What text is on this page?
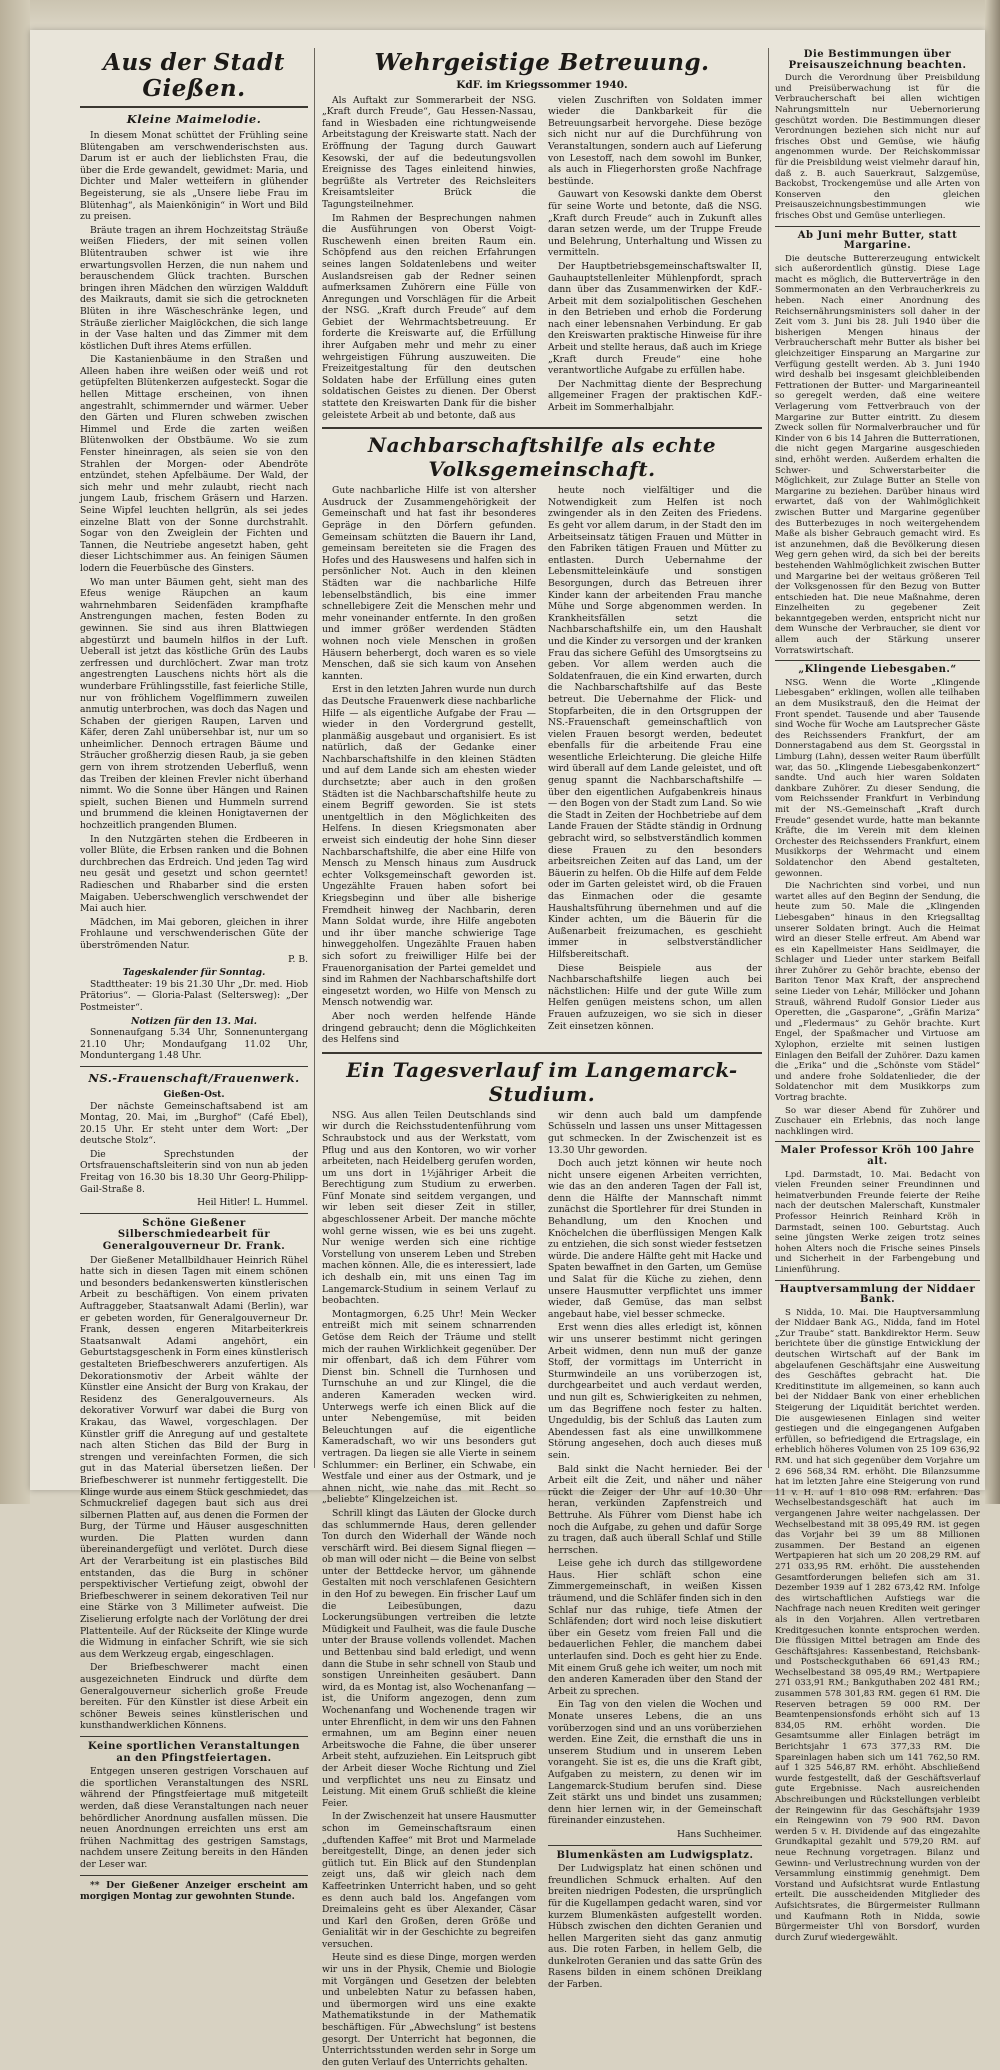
Aus der Stadt Gießen.
Kleine Maimelodie.

In diesem Monat schüttet der Frühling seine Blütengaben am verschwenderischsten aus. Darum ist er auch der lieblichsten Frau, die über die Erde gewandelt, gewidmet: Maria, und Dichter und Maler wetteifern in glühender Begeisterung, sie als „Unsere liebe Frau im Blütenhag“, als Maienkönigin“ in Wort und Bild zu preisen.

Bräute tragen an ihrem Hochzeitstag Sträuße weißen Flieders, der mit seinen vollen Blütentrauben schwer ist wie ihre erwartungsvollen Herzen, die nun nahem und berauschendem Glück trachten. Burschen bringen ihren Mädchen den würzigen Waldduft des Maikrauts, damit sie sich die getrockneten Blüten in ihre Wäscheschränke legen, und Sträuße zierlicher Maiglöckchen, die sich lange in der Vase halten und das Zimmer mit dem köstlichen Duft ihres Atems erfüllen.

Die Kastanienbäume in den Straßen und Alleen haben ihre weißen oder weiß und rot getüpfelten Blütenkerzen aufgesteckt. Sogar die hellen Mittage erscheinen, von ihnen angestrahlt, schimmernder und wärmer. Ueber den Gärten und Fluren schweben zwischen Himmel und Erde die zarten weißen Blütenwolken der Obstbäume. Wo sie zum Fenster hineinragen, als seien sie von den Strahlen der Morgen- oder Abendröte entzündet, stehen Apfelbäume. Der Wald, der sich mehr und mehr zulaubt, riecht nach jungem Laub, frischem Gräsern und Harzen. Seine Wipfel leuchten hellgrün, als sei jedes einzelne Blatt von der Sonne durchstrahlt. Sogar von den Zweiglein der Fichten und Tannen, die Neutriebe angesetzt haben, geht dieser Lichtschimmer aus. An feinigen Säumen lodern die Feuerbüsche des Ginsters.

Wo man unter Bäumen geht, sieht man des Efeus wenige Räupchen an kaum wahrnehmbaren Seidenfäden krampfhafte Anstrengungen machen, festen Boden zu gewinnen. Sie sind aus ihren Blattwiegen abgestürzt und baumeln hilflos in der Luft. Ueberall ist jetzt das köstliche Grün des Laubs zerfressen und durchlöchert. Zwar man trotz angestrengten Lauschens nichts hört als die wunderbare Frühlingsstille, fast feierliche Stille, nur von fröhlichem Vogelflimmern zuweilen anmutig unterbrochen, was doch das Nagen und Schaben der gierigen Raupen, Larven und Käfer, deren Zahl unübersehbar ist, nur um so unheimlicher. Dennoch ertragen Bäume und Sträucher großherzig diesen Raub, ja sie geben gern von ihrem strotzenden Ueberfluß, wenn das Treiben der kleinen Frevler nicht überhand nimmt. Wo die Sonne über Hängen und Rainen spielt, suchen Bienen und Hummeln surrend und brummend die kleinen Honigtavernen der hochzeitlich prangenden Blumen.

In den Nutzgärten stehen die Erdbeeren in voller Blüte, die Erbsen ranken und die Bohnen durchbrechen das Erdreich. Und jeden Tag wird neu gesät und gesetzt und schon geerntet! Radieschen und Rhabarber sind die ersten Maigaben. Ueberschwenglich verschwendet der Mai auch hier.

Mädchen, im Mai geboren, gleichen in ihrer Frohlaune und verschwenderischen Güte der überströmenden Natur.

P. B.

Tageskalender für Sonntag.

Stadttheater: 19 bis 21.30 Uhr „Dr. med. Hiob Prätorius“. — Gloria-Palast (Seltersweg): „Der Postmeister“.

Notizen für den 13. Mai.

Sonnenaufgang 5.34 Uhr, Sonnenuntergang 21.10 Uhr; Mondaufgang 11.02 Uhr, Monduntergang 1.48 Uhr.

NS.-Frauenschaft/Frauenwerk.
Gießen-Ost.

Der nächste Gemeinschaftsabend ist am Montag, 20. Mai, im „Burghof“ (Café Ebel), 20.15 Uhr. Er steht unter dem Wort: „Der deutsche Stolz“.

Die Sprechstunden der Ortsfrauenschaftsleiterin sind von nun ab jeden Freitag von 16.30 bis 18.30 Uhr Georg-Philipp-Gail-Straße 8.

Heil Hitler! L. Hummel.

Schöne Gießener Silberschmiedearbeit für Generalgouverneur Dr. Frank.

Der Gießener Metallbildhauer Heinrich Rühel hatte sich in diesen Tagen mit einem schönen und besonders bedankenswerten künstlerischen Arbeit zu beschäftigen. Von einem privaten Auftraggeber, Staatsanwalt Adami (Berlin), war er gebeten worden, für Generalgouverneur Dr. Frank, dessen engeren Mitarbeiterkreis Staatsanwalt Adami angehört, ein Geburtstagsgeschenk in Form eines künstlerisch gestalteten Briefbeschwerers anzufertigen. Als Dekorationsmotiv der Arbeit wählte der Künstler eine Ansicht der Burg von Krakau, der Residenz des Generalgouverneurs. Als dekorativer Vorwurf war dabei die Burg von Krakau, das Wawel, vorgeschlagen. Der Künstler griff die Anregung auf und gestaltete nach alten Stichen das Bild der Burg in strengen und vereinfachten Formen, die sich gut in das Material übersetzen ließen. Der Briefbeschwerer ist nunmehr fertiggestellt. Die Klinge wurde aus einem Stück geschmiedet, das Schmuckrelief dagegen baut sich aus drei silbernen Platten auf, aus denen die Formen der Burg, der Türme und Häuser ausgeschnitten wurden. Die Platten wurden dann übereinandergefügt und verlötet. Durch diese Art der Verarbeitung ist ein plastisches Bild entstanden, das die Burg in schöner perspektivischer Vertiefung zeigt, obwohl der Briefbeschwerer in seinem dekorativen Teil nur eine Stärke von 3 Millimeter aufweist. Die Ziselierung erfolgte nach der Vorlötung der drei Plattenteile. Auf der Rückseite der Klinge wurde die Widmung in einfacher Schrift, wie sie sich aus dem Werkzeug ergab, eingeschlagen.

Der Briefbeschwerer macht einen ausgezeichneten Eindruck und dürfte dem Generalgouverneur sicherlich große Freude bereiten. Für den Künstler ist diese Arbeit ein schöner Beweis seines künstlerischen und kunsthandwerklichen Könnens.

Keine sportlichen Veranstaltungen an den Pfingstfeiertagen.

Entgegen unseren gestrigen Vorschauen auf die sportlichen Veranstaltungen des NSRL während der Pfingstfeiertage muß mitgeteilt werden, daß diese Veranstaltungen nach neuer behördlicher Anordnung ausfallen müssen. Die neuen Anordnungen erreichten uns erst am frühen Nachmittag des gestrigen Samstags, nachdem unsere Zeitung bereits in den Händen der Leser war.

** Der Gießener Anzeiger erscheint am morgigen Montag zur gewohnten Stunde.

Wehrgeistige Betreuung.
KdF. im Kriegssommer 1940.

Als Auftakt zur Sommerarbeit der NSG. „Kraft durch Freude“, Gau Hessen-Nassau, fand in Wiesbaden eine richtungweisende Arbeitstagung der Kreiswarte statt. Nach der Eröffnung der Tagung durch Gauwart Kesowski, der auf die bedeutungsvollen Ereignisse des Tages einleitend hinwies, begrüßte als Vertreter des Reichsleiters Kreisamtsleiter Brück die Tagungsteilnehmer.

Im Rahmen der Besprechungen nahmen die Ausführungen von Oberst Voigt-Ruschewenh einen breiten Raum ein. Schöpfend aus den reichen Erfahrungen seines langen Soldatenlebens und weiter Auslandsreisen gab der Redner seinen aufmerksamen Zuhörern eine Fülle von Anregungen und Vorschlägen für die Arbeit der NSG. „Kraft durch Freude“ auf dem Gebiet der Wehrmachtsbetreuung. Er forderte die Kreiswarte auf, die Erfüllung ihrer Aufgaben mehr und mehr zu einer wehrgeistigen Führung auszuweiten. Die Freizeitgestaltung für den deutschen Soldaten habe der Erfüllung eines guten soldatischen Geistes zu dienen. Der Oberst stattete den Kreiswarten Dank für die bisher geleistete Arbeit ab und betonte, daß aus

vielen Zuschriften von Soldaten immer wieder die Dankbarkeit für die Betreuungsarbeit hervorgehe. Diese bezöge sich nicht nur auf die Durchführung von Veranstaltungen, sondern auch auf Lieferung von Lesestoff, nach dem sowohl im Bunker, als auch in Fliegerhorsten große Nachfrage bestünde.

Gauwart von Kesowski dankte dem Oberst für seine Worte und betonte, daß die NSG. „Kraft durch Freude“ auch in Zukunft alles daran setzen werde, um der Truppe Freude und Belehrung, Unterhaltung und Wissen zu vermitteln.

Der Hauptbetriebsgemeinschaftswalter II, Gauhauptstellenleiter Mühlenpfordt, sprach dann über das Zusammenwirken der KdF.-Arbeit mit dem sozialpolitischen Geschehen in den Betrieben und erhob die Forderung nach einer lebensnahen Verbindung. Er gab den Kreiswarten praktische Hinweise für ihre Arbeit und stellte heraus, daß auch im Kriege „Kraft durch Freude“ eine hohe verantwortliche Aufgabe zu erfüllen habe.

Der Nachmittag diente der Besprechung allgemeiner Fragen der praktischen KdF.-Arbeit im Sommerhalbjahr.

Nachbarschaftshilfe als echte Volksgemeinschaft.

Gute nachbarliche Hilfe ist von altersher Ausdruck der Zusammengehörigkeit der Gemeinschaft und hat fast ihr besonderes Gepräge in den Dörfern gefunden. Gemeinsam schützten die Bauern ihr Land, gemeinsam bereiteten sie die Fragen des Hofes und des Hauswesens und halfen sich in persönlicher Not. Auch in den kleinen Städten war die nachbarliche Hilfe lebenselbständlich, bis eine immer schnellebigere Zeit die Menschen mehr und mehr voneinander entfernte. In den großen und immer größer werdenden Städten wohnen noch viele Menschen in großen Häusern beherbergt, doch waren es so viele Menschen, daß sie sich kaum von Ansehen kannten.

Erst in den letzten Jahren wurde nun durch das Deutsche Frauenwerk diese nachbarliche Hilfe — als eigentliche Aufgabe der Frau — wieder in den Vordergrund gestellt, planmäßig ausgebaut und organisiert. Es ist natürlich, daß der Gedanke einer Nachbarschaftshilfe in den kleinen Städten und auf dem Lande sich am ehesten wieder durchsetzte; aber auch in den großen Städten ist die Nachbarschaftshilfe heute zu einem Begriff geworden. Sie ist stets unentgeltlich in den Möglichkeiten des Helfens. In diesen Kriegsmonaten aber erweist sich eindeutig der hohe Sinn dieser Nachbarschaftshilfe, die aber eine Hilfe von Mensch zu Mensch hinaus zum Ausdruck echter Volksgemeinschaft geworden ist. Ungezählte Frauen haben sofort bei Kriegsbeginn und über alle bisherige Fremdheit hinweg der Nachbarin, deren Mann Soldat wurde, ihre Hilfe angeboten und ihr über manche schwierige Tage hinweggeholfen. Ungezählte Frauen haben sich sofort zu freiwilliger Hilfe bei der Frauenorganisation der Partei gemeldet und sind im Rahmen der Nachbarschaftshilfe dort eingesetzt worden, wo Hilfe von Mensch zu Mensch notwendig war.

Aber noch werden helfende Hände dringend gebraucht; denn die Möglichkeiten des Helfens sind

heute noch vielfältiger und die Notwendigkeit zum Helfen ist noch zwingender als in den Zeiten des Friedens. Es geht vor allem darum, in der Stadt den im Arbeitseinsatz tätigen Frauen und Mütter in den Fabriken tätigen Frauen und Mütter zu entlasten. Durch Uebernahme der Lebensmitteleinkäufe und sonstigen Besorgungen, durch das Betreuen ihrer Kinder kann der arbeitenden Frau manche Mühe und Sorge abgenommen werden. In Krankheitsfällen setzt die Nachbarschaftshilfe ein, um den Haushalt und die Kinder zu versorgen und der kranken Frau das sichere Gefühl des Umsorgtseins zu geben. Vor allem werden auch die Soldatenfrauen, die ein Kind erwarten, durch die Nachbarschaftshilfe auf das Beste betreut. Die Uebernahme der Flick- und Stopfarbeiten, die in den Ortsgruppen der NS.-Frauenschaft gemeinschaftlich von vielen Frauen besorgt werden, bedeutet ebenfalls für die arbeitende Frau eine wesentliche Erleichterung. Die gleiche Hilfe wird überall auf dem Lande geleistet, und oft genug spannt die Nachbarschaftshilfe — über den eigentlichen Aufgabenkreis hinaus — den Bogen von der Stadt zum Land. So wie die Stadt in Zeiten der Hochbetriebe auf dem Lande Frauen der Städte ständig in Ordnung gebracht wird, so selbstverständlich kommen diese Frauen zu den besonders arbeitsreichen Zeiten auf das Land, um der Bäuerin zu helfen. Ob die Hilfe auf dem Felde oder im Garten geleistet wird, ob die Frauen das Einmachen oder die gesamte Haushaltsführung übernehmen und auf die Kinder achten, um die Bäuerin für die Außenarbeit freizumachen, es geschieht immer in selbstverständlicher Hilfsbereitschaft.

Diese Beispiele aus der Nachbarschaftshilfe liegen auch bei nächstlichen: Hilfe und der gute Wille zum Helfen genügen meistens schon, um allen Frauen aufzuzeigen, wo sie sich in dieser Zeit einsetzen können.

Ein Tagesverlauf im Langemarck-Studium.

NSG. Aus allen Teilen Deutschlands sind wir durch die Reichsstudentenführung vom Schraubstock und aus der Werkstatt, vom Pflug und aus den Kontoren, wo wir vorher arbeiteten, nach Heidelberg gerufen worden, um uns dort in 1½jähriger Arbeit die Berechtigung zum Studium zu erwerben. Fünf Monate sind seitdem vergangen, und wir leben seit dieser Zeit in stiller, abgeschlossener Arbeit. Der manche möchte wohl gerne wissen, wie es bei uns zugeht. Nur wenige werden sich eine richtige Vorstellung von unserem Leben und Streben machen können. Alle, die es interessiert, lade ich deshalb ein, mit uns einen Tag im Langemarck-Studium in seinem Verlauf zu beobachten.

Montagmorgen, 6.25 Uhr! Mein Wecker entreißt mich mit seinem schnarrenden Getöse dem Reich der Träume und stellt mich der rauhen Wirklichkeit gegenüber. Der mir offenbart, daß ich dem Führer vom Dienst bin. Schnell die Turnhosen und Turnschuhe an und zur Klingel, die die anderen Kameraden wecken wird. Unterwegs werfe ich einen Blick auf die unter Nebengemüse, mit beiden Beleuchtungen auf die eigentliche Kameradschaft, wo wir uns besonders gut vertragen. Da liegen sie alle Vierte in seinem Schlummer: ein Berliner, ein Schwabe, ein Westfale und einer aus der Ostmark, und je ahnen nicht, wie nahe das mit Recht so „beliebte“ Klingelzeichen ist.

Schrill klingt das Läuten der Glocke durch das schlummernde Haus, deren gellender Ton durch den Widerhall der Wände noch verschärft wird. Bei diesem Signal fliegen — ob man will oder nicht — die Beine von selbst unter der Bettdecke hervor, um gähnende Gestalten mit noch verschlafenen Gesichtern in den Hof zu bewegen. Ein frischer Lauf um die Leibesübungen, dazu Lockerungsübungen vertreiben die letzte Müdigkeit und Faulheit, was die faule Dusche unter der Brause vollends vollendet. Machen und Bettenbau sind bald erledigt, und wenn dann die Stube in sehr schnell von Staub und sonstigen Unreinheiten gesäubert. Dann wird, da es Montag ist, also Wochenanfang — ist, die Uniform angezogen, denn zum Wochenanfang und Wochenende tragen wir unter Ehrenflicht, in dem wir uns den Fahnen ermahnen, um am Beginn einer neuen Arbeitswoche die Fahne, die über unserer Arbeit steht, aufzuziehen. Ein Leitspruch gibt der Arbeit dieser Woche Richtung und Ziel und verpflichtet uns neu zu Einsatz und Leistung. Mit einem Gruß schließt die kleine Feier.

In der Zwischenzeit hat unsere Hausmutter schon im Gemeinschaftsraum einen „duftenden Kaffee“ mit Brot und Marmelade bereitgestellt, Dinge, an denen jeder sich gütlich tut. Ein Blick auf den Stundenplan zeigt uns, daß wir gleich nach dem Kaffeetrinken Unterricht haben, und so geht es denn auch bald los. Angefangen vom Dreimaleins geht es über Alexander, Cäsar und Karl den Großen, deren Größe und Genialität wir in der Geschichte zu begreifen versuchen.

Heute sind es diese Dinge, morgen werden wir uns in der Physik, Chemie und Biologie mit Vorgängen und Gesetzen der belebten und unbelebten Natur zu befassen haben, und übermorgen wird uns eine exakte Mathematikstunde in der Mathematik beschäftigen. Für „Abwechslung“ ist bestens gesorgt. Der Unterricht hat begonnen, die Unterrichtsstunden werden sehr in Sorge um den guten Verlauf des Unterrichts gehalten.

wir denn auch bald um dampfende Schüsseln und lassen uns unser Mittagessen gut schmecken. In der Zwischenzeit ist es 13.30 Uhr geworden.

Doch auch jetzt können wir heute noch nicht unsere eigenen Arbeiten verrichten, wie das an den anderen Tagen der Fall ist, denn die Hälfte der Mannschaft nimmt zunächst die Sportlehrer für drei Stunden in Behandlung, um den Knochen und Knöchelchen die überflüssigen Mengen Kalk zu entziehen, die sich sonst wieder festsetzen würde. Die andere Hälfte geht mit Hacke und Spaten bewaffnet in den Garten, um Gemüse und Salat für die Küche zu ziehen, denn unsere Hausmutter verpflichtet uns immer wieder, daß Gemüse, das man selbst angebaut habe, viel besser schmecke.

Erst wenn dies alles erledigt ist, können wir uns unserer bestimmt nicht geringen Arbeit widmen, denn nun muß der ganze Stoff, der vormittags im Unterricht in Sturmwindeile an uns vorüberzogen ist, durchgearbeitet und auch verdaut werden, und nun gilt es, Schwierigkeiten zu nehmen, um das Begriffene noch fester zu halten. Ungeduldig, bis der Schluß das Lauten zum Abendessen fast als eine unwillkommene Störung angesehen, doch auch dieses muß sein.

Bald sinkt die Nacht hernieder. Bei der Arbeit eilt die Zeit, und näher und näher rückt die Zeiger der Uhr auf 10.30 Uhr heran, verkünden Zapfenstreich und Bettruhe. Als Führer vom Dienst habe ich noch die Aufgabe, zu gehen und dafür Sorge zu tragen, daß auch überall Schlaf und Stille herrschen.

Leise gehe ich durch das stillgewordene Haus. Hier schläft schon eine Zimmergemeinschaft, in weißen Kissen träumend, und die Schläfer finden sich in den Schlaf nur das ruhige, tiefe Atmen der Schläfenden; dort wird noch leise diskutiert über ein Gesetz vom freien Fall und die bedauerlichen Fehler, die manchem dabei unterlaufen sind. Doch es geht hier zu Ende. Mit einem Gruß gehe ich weiter, um noch mit den anderen Kameraden über den Stand der Arbeit zu sprechen.

Ein Tag von den vielen die Wochen und Monate unseres Lebens, die an uns vorüberzogen sind und an uns vorüberziehen werden. Eine Zeit, die ernsthaft die uns in unserem Studium und in unserem Leben vorangeht. Sie ist es, die uns die Kraft gibt, Aufgaben zu meistern, zu denen wir im Langemarck-Studium berufen sind. Diese Zeit stärkt uns und bindet uns zusammen; denn hier lernen wir, in der Gemeinschaft füreinander einzustehen.

Hans Suchheimer.

Blumenkästen am Ludwigsplatz.

Der Ludwigsplatz hat einen schönen und freundlichen Schmuck erhalten. Auf den breiten niedrigen Podesten, die ursprünglich für die Kugellampen gedacht waren, sind vor kurzem Blumenkästen aufgestellt worden. Hübsch zwischen den dichten Geranien und hellen Margeriten sieht das ganz anmutig aus. Die roten Farben, in hellem Gelb, die dunkelroten Geranien und das satte Grün des Rasens bilden in einem schönen Dreiklang der Farben.

Die Bestimmungen über Preisauszeichnung beachten.

Durch die Verordnung über Preisbildung und Preisüberwachung ist für die Verbraucherschaft bei allen wichtigen Nahrungsmitteln nur Uebernorierung geschützt worden. Die Bestimmungen dieser Verordnungen beziehen sich nicht nur auf frisches Obst und Gemüse, wie häufig angenommen wurde. Der Reichskommissar für die Preisbildung weist vielmehr darauf hin, daß z. B. auch Sauerkraut, Salzgemüse, Backobst, Trockengemüse und alle Arten von Konserven den gleichen Preisauszeichnungsbestimmungen wie frisches Obst und Gemüse unterliegen.

Ab Juni mehr Butter, statt Margarine.

Die deutsche Buttererzeugung entwickelt sich außerordentlich günstig. Diese Lage macht es möglich, die Butterverträge in den Sommermonaten an den Verbraucherkreis zu heben. Nach einer Anordnung des Reichsernährungsministers soll daher in der Zeit vom 3. Juni bis 28. Juli 1940 über die bisherigen Mengen hinaus der Verbraucherschaft mehr Butter als bisher bei gleichzeitiger Einsparung an Margarine zur Verfügung gestellt werden. Ab 3. Juni 1940 wird deshalb bei insgesamt gleichbleibenden Fettrationen der Butter- und Margarineanteil so geregelt werden, daß eine weitere Verlagerung vom Fettverbrauch von der Margarine zur Butter eintritt. Zu diesem Zweck sollen für Normalverbraucher und für Kinder von 6 bis 14 Jahren die Butterrationen, die nicht gegen Margarine ausgeschieden sind, erhöht werden. Außerdem erhalten die Schwer- und Schwerstarbeiter die Möglichkeit, zur Zulage Butter an Stelle von Margarine zu beziehen. Darüber hinaus wird erwartet, daß von der Wahlmöglichkeit zwischen Butter und Margarine gegenüber des Butterbezuges in noch weitergehendem Maße als bisher Gebrauch gemacht wird. Es ist anzunehmen, daß die Bevölkerung diesen Weg gern gehen wird, da sich bei der bereits bestehenden Wahlmöglichkeit zwischen Butter und Margarine bei der weitaus größeren Teil der Volksgenossen für den Bezug von Butter entschieden hat. Die neue Maßnahme, deren Einzelheiten zu gegebener Zeit bekanntgegeben werden, entspricht nicht nur dem Wunsche der Verbraucher, sie dient vor allem auch der Stärkung unserer Vorratswirtschaft.

„Klingende Liebesgaben.“

NSG. Wenn die Worte „Klingende Liebesgaben“ erklingen, wollen alle teilhaben an dem Musikstrauß, den die Heimat der Front spendet. Tausende und aber Tausende sind Woche für Woche am Lautsprecher Gäste des Reichssenders Frankfurt, der am Donnerstagabend aus dem St. Georgsstal in Limburg (Lahn), dessen weiter Raum überfüllt war, das 50. „Klingende Liebesgabenkonzert“ sandte. Und auch hier waren Soldaten dankbare Zuhörer. Zu dieser Sendung, die vom Reichssender Frankfurt in Verbindung mit der NS.-Gemeinschaft „Kraft durch Freude“ gesendet wurde, hatte man bekannte Kräfte, die im Verein mit dem kleinen Orchester des Reichssenders Frankfurt, einem Musikkorps der Wehrmacht und einem Soldatenchor den Abend gestalteten, gewonnen.

Die Nachrichten sind vorbei, und nun wartet alles auf den Beginn der Sendung, die heute zum 50. Male die „Klingenden Liebesgaben“ hinaus in den Kriegsalltag unserer Soldaten bringt. Auch die Heimat wird an dieser Stelle erfreut. Am Abend war es ein Kapellmeister Hans Seidlmayer, die Schlager und Lieder unter starkem Beifall ihrer Zuhörer zu Gehör brachte, ebenso der Bariton Tenor Max Kraft, der ansprechend seine Lieder von Lehár, Millöcker und Johann Strauß, während Rudolf Gonsior Lieder aus Operetten, die „Gasparone“, „Gräfin Mariza“ und „Fledermaus“ zu Gehör brachte. Kurt Engel, der Spaßmacher und Virtuose am Xylophon, erzielte mit seinen lustigen Einlagen den Beifall der Zuhörer. Dazu kamen die „Erika“ und die „Schönste vom Städel“ und andere frohe Soldatenlieder, die der Soldatenchor mit dem Musikkorps zum Vortrag brachte.

So war dieser Abend für Zuhörer und Zuschauer ein Erlebnis, das noch lange nachklingen wird.

Maler Professor Kröh 100 Jahre alt.

Lpd. Darmstadt, 10. Mai. Bedacht von vielen Freunden seiner Freundinnen und heimatverbunden Freunde feierte der Reihe nach der deutschen Malerschaft, Kunstmaler Professor Heinrich Reinhard Kröh in Darmstadt, seinen 100. Geburtstag. Auch seine jüngsten Werke zeigen trotz seines hohen Alters noch die Frische seines Pinsels und Sicherheit in der Farbengebung und Linienführung.

Hauptversammlung der Niddaer Bank.

S Nidda, 10. Mai. Die Hauptversammlung der Niddaer Bank AG., Nidda, fand im Hotel „Zur Traube“ statt. Bankdirektor Herm. Seuw berichtete über die günstige Entwicklung der deutschen Wirtschaft auf der Bank im abgelaufenen Geschäftsjahr eine Ausweitung des Geschäftes gebracht hat. Die Kreditinstitute im allgemeinen, so kann auch bei der Niddaer Bank von einer erheblichen Steigerung der Liquidität berichtet werden. Die ausgewiesenen Einlagen sind weiter gestiegen und die eingegangenen Aufgaben erfüllen, so befriedigend die Ertragslage, ein erheblich höheres Volumen von 25 109 636,92 RM. und hat sich gegenüber dem Vorjahre um 2 696 568,34 RM. erhöht. Die Bilanzsumme hat im letzten Jahre eine Steigerung von rund 11 v. H. auf 1 810 098 RM. erfahren. Das Wechselbestandsgeschäft hat auch im vergangenen Jahre weiter nachgelassen. Der Wechselbestand mit 38 095,49 RM. ist gegen das Vorjahr bei 39 um 88 Millionen zusammen. Der Bestand an eigenen Wertpapieren hat sich um 20 208,29 RM. auf 271 033,95 RM. erhöht. Die ausstehenden Gesamtforderungen beliefen sich am 31. Dezember 1939 auf 1 282 673,42 RM. Infolge des wirtschaftlichen Aufstiegs war die Nachfrage nach neuen Krediten weit geringer als in den Vorjahren. Allen vertretbaren Kreditgesuchen konnte entsprochen werden. Die flüssigen Mittel betragen am Ende des Geschäftsjahres: Kassenbestand, Reichsbank- und Postscheckguthaben 66 691,43 RM.; Wechselbestand 38 095,49 RM.; Wertpapiere 271 033,91 RM.; Bankguthaben 202 481 RM.; zusammen 578 301,83 RM. gegen 61 RM. Die Reserven betragen 59 000 RM. Der Beamtenpensionsfonds erhöht sich auf 13 834,05 RM. erhöht worden. Die Gesamtsumme aller Einlagen beträgt im Berichtsjahr 1 673 377,33 RM. Die Spareinlagen haben sich um 141 762,50 RM. auf 1 325 546,87 RM. erhöht. Abschließend wurde festgestellt, daß der Geschäftsverlauf gute Ergebnisse. Nach ausreichenden Abschreibungen und Rückstellungen verbleibt der Reingewinn für das Geschäftsjahr 1939 ein Reingewinn von 79 900 RM. Davon werden 5 v. H. Dividende auf das eingezahlte Grundkapital gezahlt und 579,20 RM. auf neue Rechnung vorgetragen. Bilanz und Gewinn- und Verlustrechnung wurden von der Versammlung einstimmig genehmigt. Dem Vorstand und Aufsichtsrat wurde Entlastung erteilt. Die ausscheidenden Mitglieder des Aufsichtsrates, die Bürgermeister Rullmann und Kaufmann Roth in Nidda, sowie Bürgermeister Uhl von Borsdorf, wurden durch Zuruf wiedergewählt.
